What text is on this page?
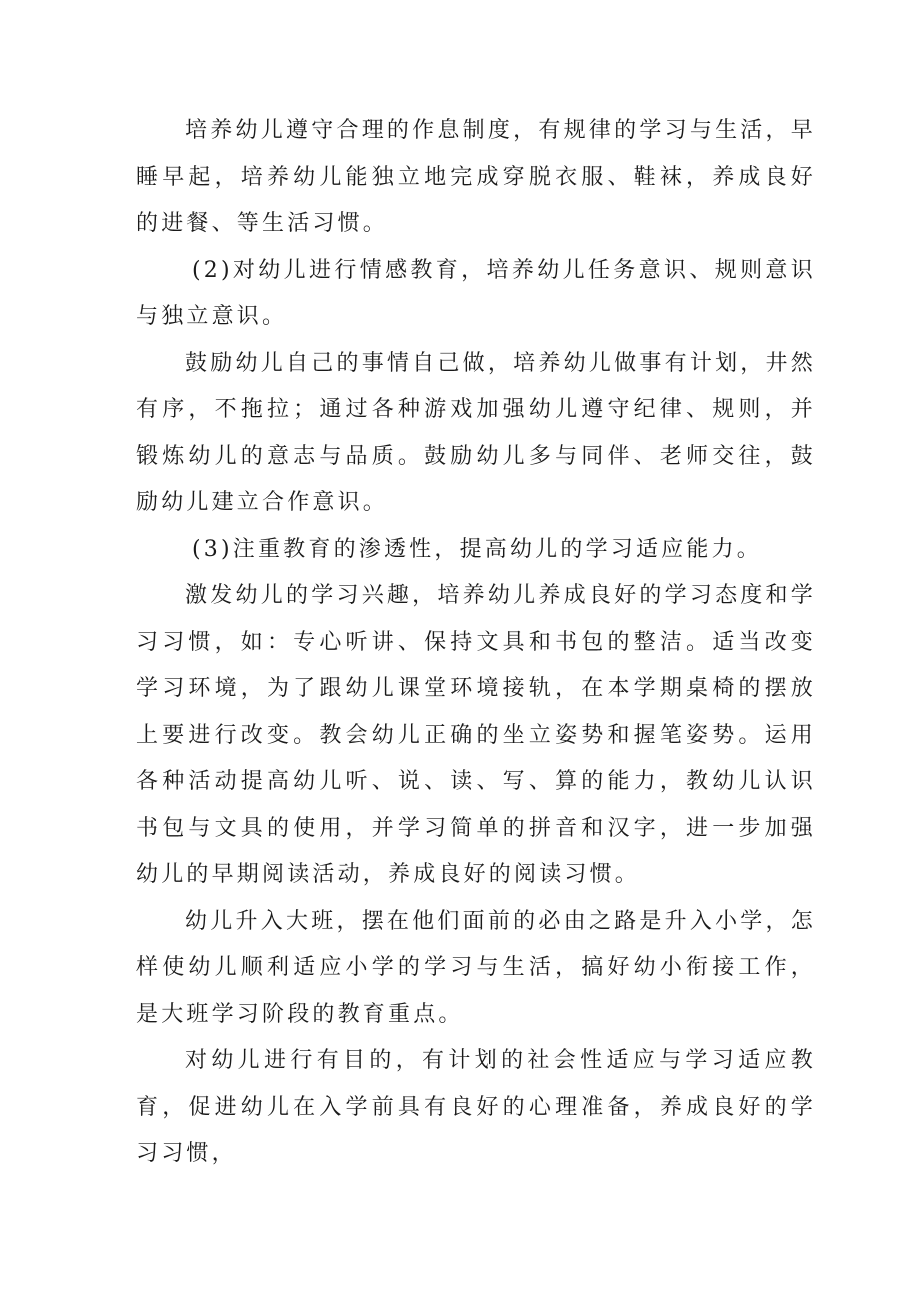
培养幼儿遵守合理的作息制度，有规律的学习与生活，早睡早起，培养幼儿能独立地完成穿脱衣服、鞋袜，养成良好的进餐、等生活习惯。

(2)对幼儿进行情感教育，培养幼儿任务意识、规则意识与独立意识。

鼓励幼儿自己的事情自己做，培养幼儿做事有计划，井然有序，不拖拉；通过各种游戏加强幼儿遵守纪律、规则，并锻炼幼儿的意志与品质。鼓励幼儿多与同伴、老师交往，鼓励幼儿建立合作意识。

(3)注重教育的渗透性，提高幼儿的学习适应能力。

激发幼儿的学习兴趣，培养幼儿养成良好的学习态度和学习习惯，如：专心听讲、保持文具和书包的整洁。适当改变学习环境，为了跟幼儿课堂环境接轨，在本学期桌椅的摆放上要进行改变。教会幼儿正确的坐立姿势和握笔姿势。运用各种活动提高幼儿听、说、读、写、算的能力，教幼儿认识书包与文具的使用，并学习简单的拼音和汉字，进一步加强幼儿的早期阅读活动，养成良好的阅读习惯。

幼儿升入大班，摆在他们面前的必由之路是升入小学，怎样使幼儿顺利适应小学的学习与生活，搞好幼小衔接工作，是大班学习阶段的教育重点。

对幼儿进行有目的，有计划的社会性适应与学习适应教育，促进幼儿在入学前具有良好的心理准备，养成良好的学习习惯，
